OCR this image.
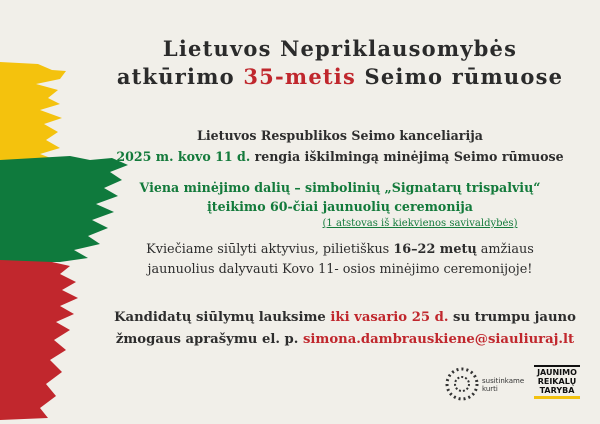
Lietuvos Nepriklausomybės
atkūrimo 35-metis Seimo rūmuose

Lietuvos Respublikos Seimo kanceliarija

2025 m. kovo 11 d. rengia iškilmingą minėjimą Seimo rūmuose

Viena minėjimo dalių – simbolinių „Signatarų trispalvių“

įteikimo 60-čiai jaunuolių ceremonija

(1 atstovas iš kiekvienos savivaldybės)

Kviečiame siūlyti aktyvius, pilietiškus 16–22 metų amžiaus

jaunuolius dalyvauti Kovo 11- osios minėjimo ceremonijoje!

Kandidatų siūlymų lauksime iki vasario 25 d. su trumpu jauno

žmogaus aprašymu el. p. simona.dambrauskiene@siauliuraj.lt

susitinkame
kurti
JAUNIMO
REIKALŲ
TARYBA
